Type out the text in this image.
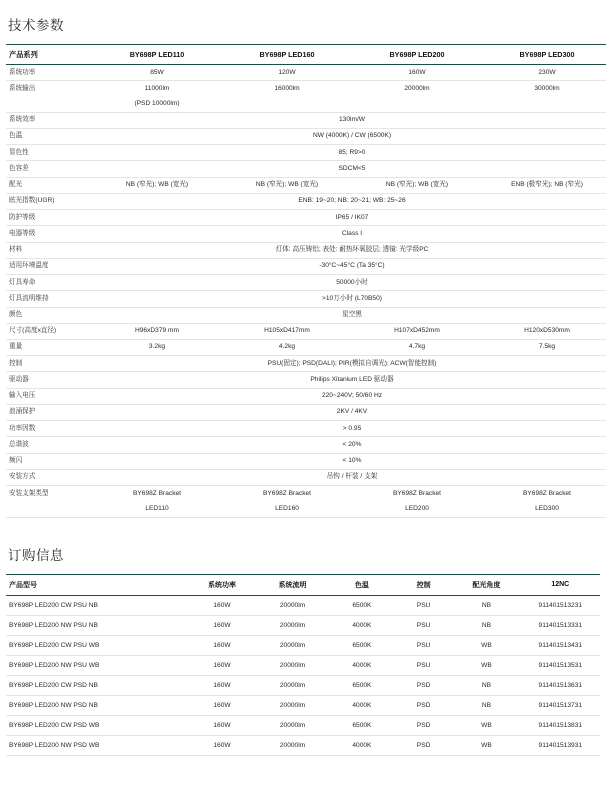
技术参数
产品系列	BY698P LED110	BY698P LED160	BY698P LED200	BY698P LED300
系统功率	85W	120W	160W	230W
系统输出	11000lm	16000lm	20000lm	30000lm
	(PSD 10000lm)			
系统效率	130lm/W			
色温	NW (4000K) / CW (6500K)			
显色性	85; R9>0			
色容差	SDCM<5			
配光	NB (窄光); WB (宽光)	NB (窄光); WB (宽光)	NB (窄光); WB (宽光)	ENB (极窄光); NB (窄光)
眩光指数(UGR)	ENB: 19~20; NB: 20~21; WB: 25~26			
防护等级	IP65 / IK07			
电器等级	Class I			
材料	灯体: 高压铸铝; 表处: 耐热环氧胶层; 透镜: 光学级PC			
适用环境温度	-30°C~45°C (Ta 35°C)			
灯具寿命	50000小时			
灯具流明维持	>10万小时 (L70B50)			
颜色	星空黑			
尺寸(高度x直径)	H96xD379 mm	H105xD417mm	H107xD452mm	H120xD530mm
重量	3.2kg	4.2kg	4.7kg	7.5kg
控制	PSU(固定); PSD(DALI); PIR(模拟自调光); ACW(智能控制)			
驱动器	Philips Xitanium LED 驱动器			
输入电压	220~240V; 50/60 Hz			
浪涌保护	2KV / 4KV			
功率因数	> 0.95			
总谐波	< 20%			
频闪	< 10%			
安装方式	吊钩 / 杆装 / 支架			
安装支架类型	BY698Z Bracket	BY698Z Bracket	BY698Z Bracket	BY698Z Bracket
	LED110	LED160	LED200	LED300
订购信息
产品型号	系统功率	系统流明	色温	控制	配光角度	12NC
BY698P LED200 CW PSU NB	160W	20000lm	6500K	PSU	NB	911401513231
BY698P LED200 NW PSU NB	160W	20000lm	4000K	PSU	NB	911401513331
BY698P LED200 CW PSU WB	160W	20000lm	6500K	PSU	WB	911401513431
BY698P LED200 NW PSU WB	160W	20000lm	4000K	PSU	WB	911401513531
BY698P LED200 CW PSD NB	160W	20000lm	6500K	PSD	NB	911401513631
BY698P LED200 NW PSD NB	160W	20000lm	4000K	PSD	NB	911401513731
BY698P LED200 CW PSD WB	160W	20000lm	6500K	PSD	WB	911401513831
BY698P LED200 NW PSD WB	160W	20000lm	4000K	PSD	WB	911401513931
